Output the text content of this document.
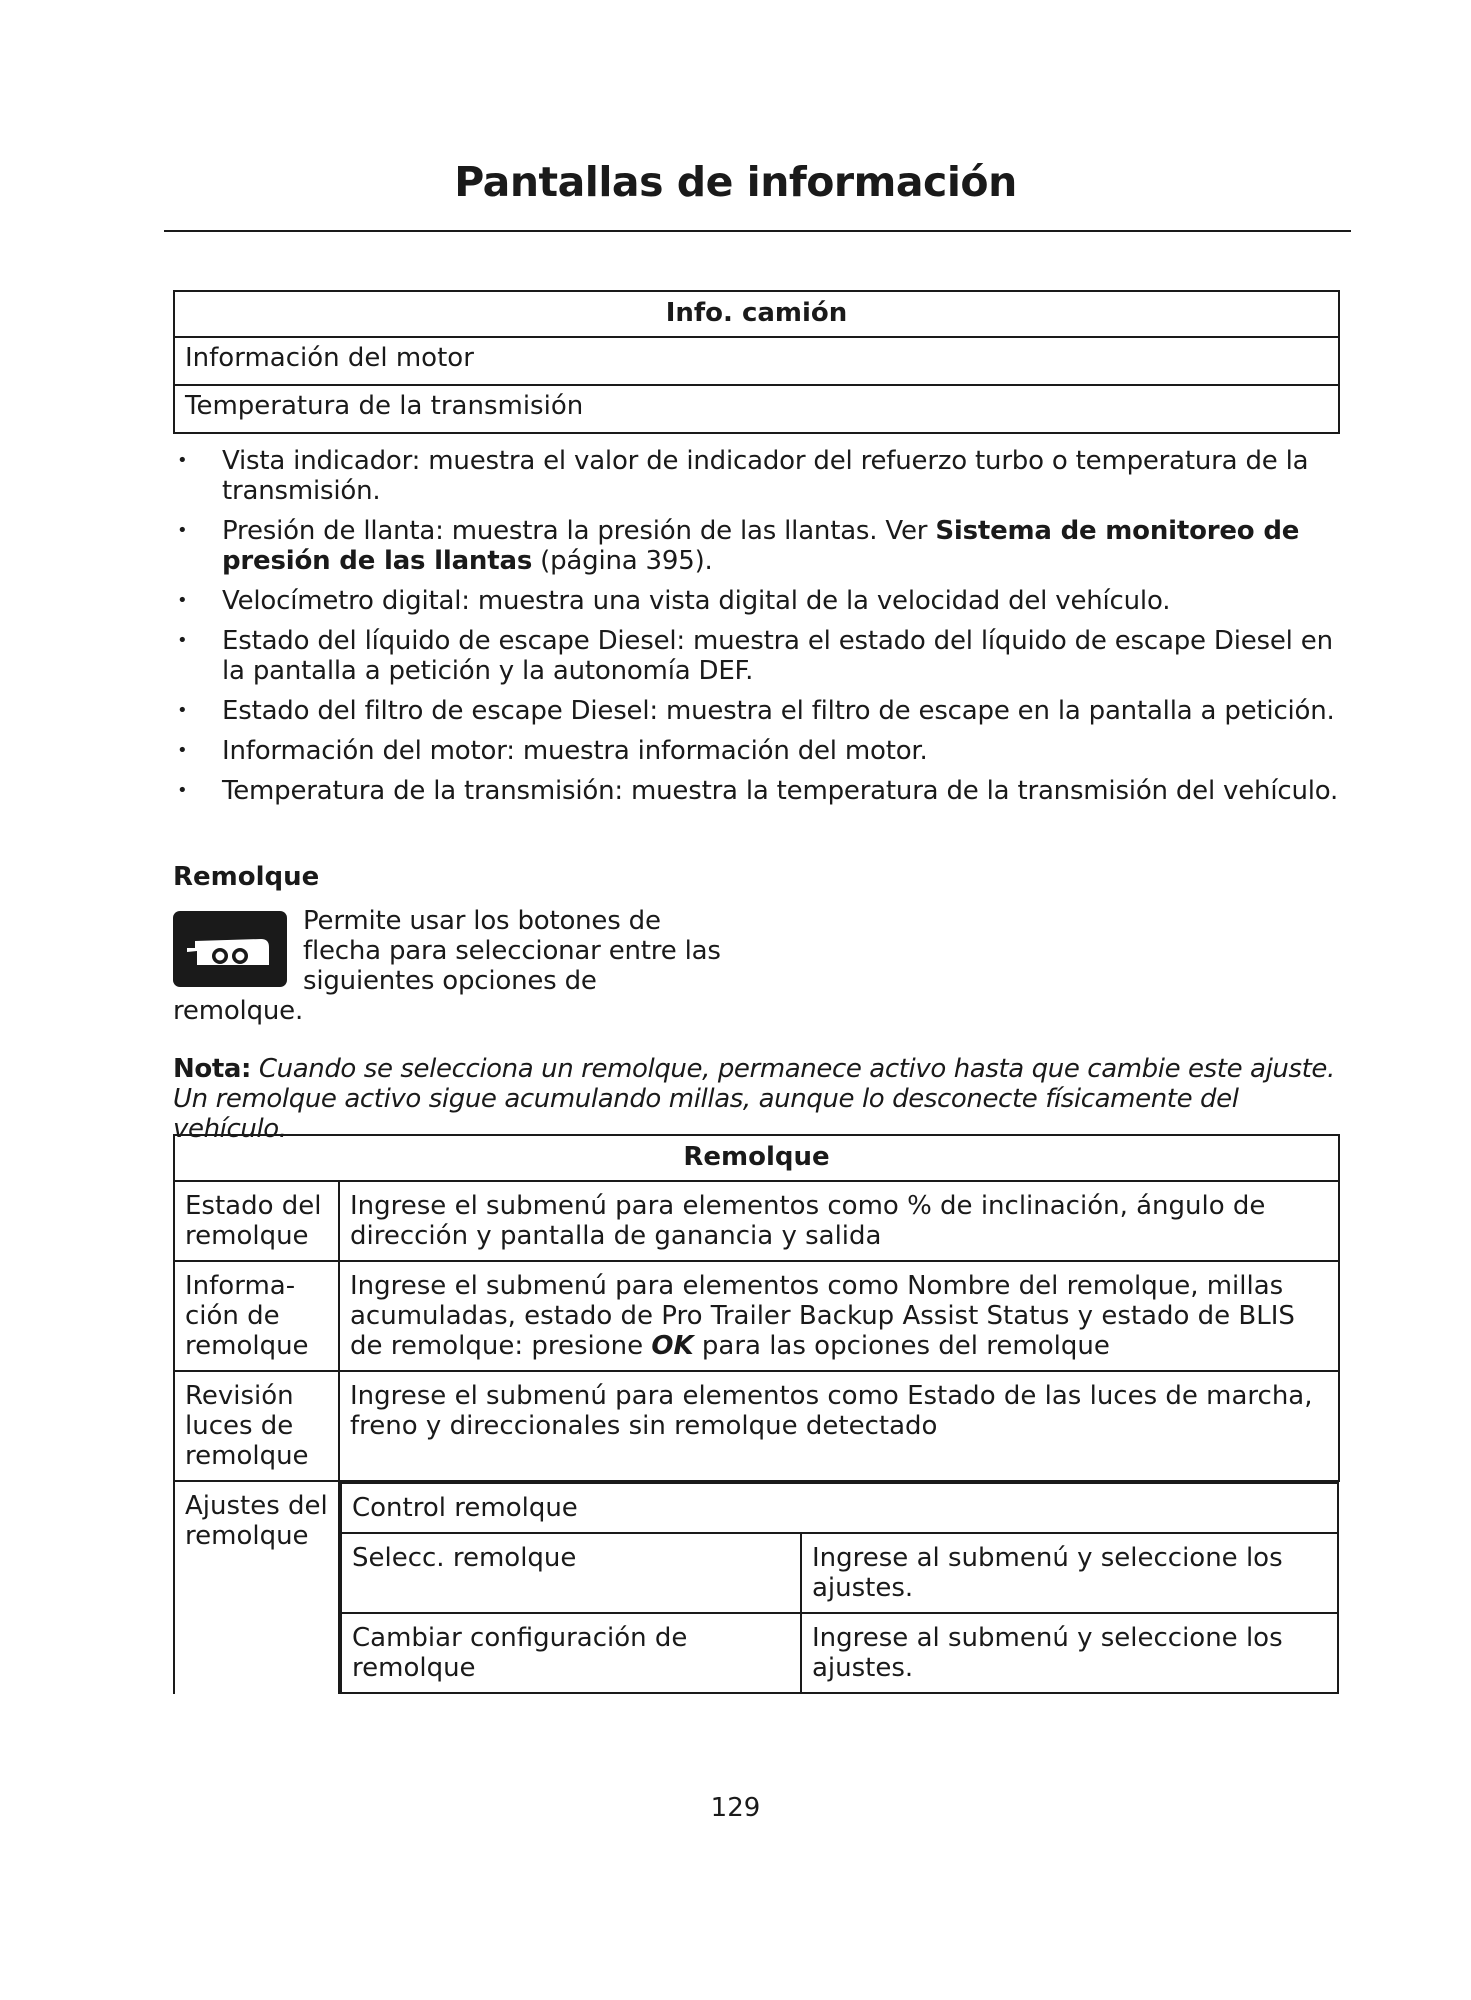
Pantallas de información
Info. camión
Información del motor
Temperatura de la transmisión
• Vista indicador: muestra el valor de indicador del refuerzo turbo o temperatura de la transmisión.
• Presión de llanta: muestra la presión de las llantas. Ver Sistema de monitoreo de presión de las llantas (página 395).
• Velocímetro digital: muestra una vista digital de la velocidad del vehículo.
• Estado del líquido de escape Diesel: muestra el estado del líquido de escape Diesel en la pantalla a petición y la autonomía DEF.
• Estado del filtro de escape Diesel: muestra el filtro de escape en la pantalla a petición.
• Información del motor: muestra información del motor.
• Temperatura de la transmisión: muestra la temperatura de la transmisión del vehículo.
Remolque
Permite usar los botones de
flecha para seleccionar entre las
siguientes opciones de
remolque.
Nota: Cuando se selecciona un remolque, permanece activo hasta que cambie este ajuste. Un remolque activo sigue acumulando millas, aunque lo desconecte físicamente del vehículo.
Remolque
Estado del remolque	Ingrese el submenú para elementos como % de inclinación, ángulo de dirección y pantalla de ganancia y salida
Informa- ción de remolque	Ingrese el submenú para elementos como Nombre del remolque, millas acumuladas, estado de Pro Trailer Backup Assist Status y estado de BLIS de remolque: presione OK para las opciones del remolque
Revisión luces de remolque	Ingrese el submenú para elementos como Estado de las luces de marcha, freno y direccionales sin remolque detectado
Ajustes del remolque	
Control remolque
Selecc. remolque	Ingrese al submenú y seleccione los ajustes.
Cambiar configuración de remolque	Ingrese al submenú y seleccione los ajustes.
129
